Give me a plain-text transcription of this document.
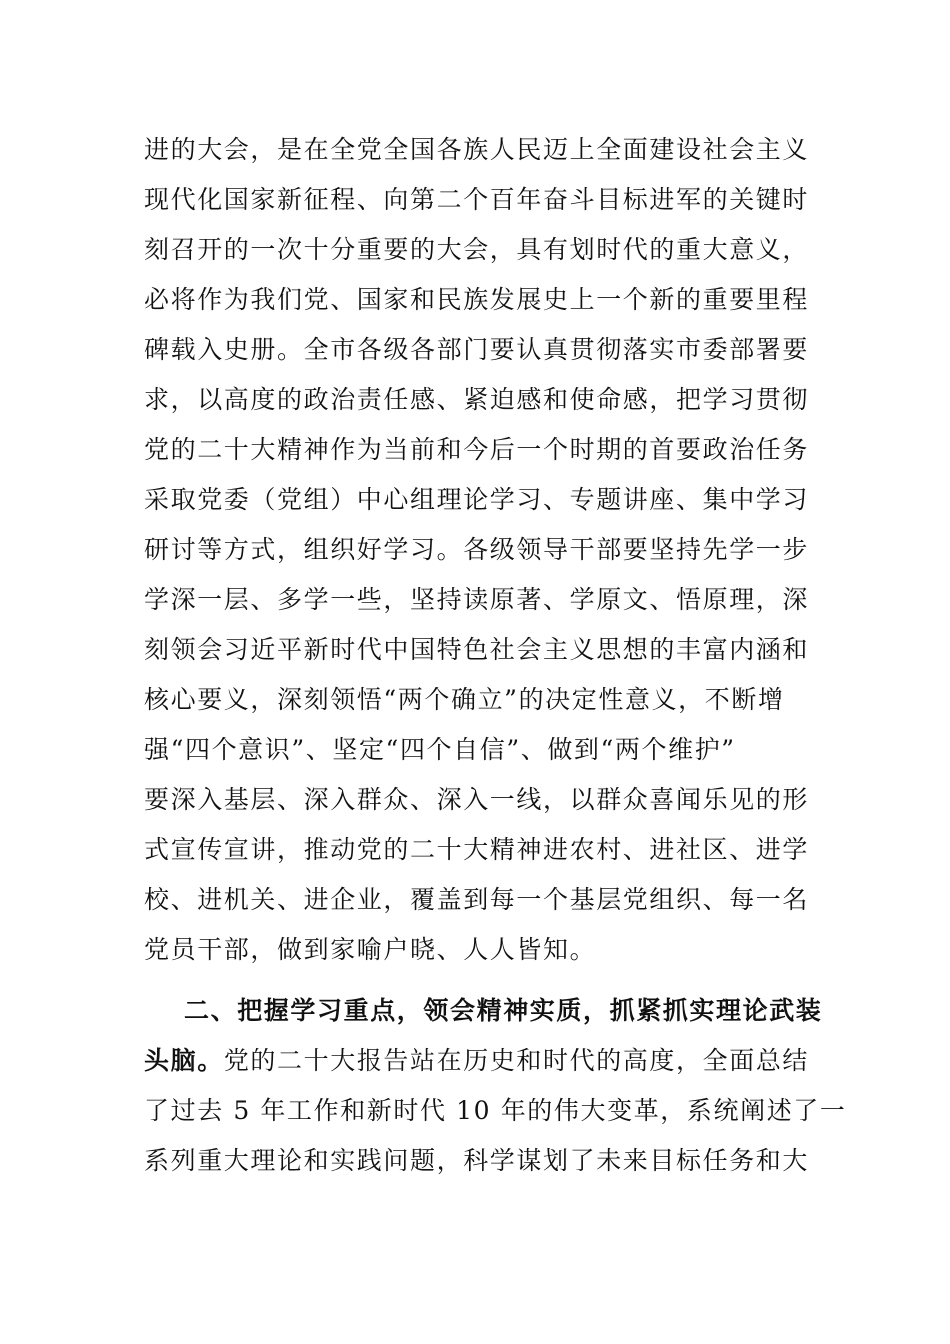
进的大会，是在全党全国各族人民迈上全面建设社会主义
现代化国家新征程、向第二个百年奋斗目标进军的关键时
刻召开的一次十分重要的大会，具有划时代的重大意义，
必将作为我们党、国家和民族发展史上一个新的重要里程
碑载入史册。全市各级各部门要认真贯彻落实市委部署要
求，以高度的政治责任感、紧迫感和使命感，把学习贯彻
党的二十大精神作为当前和今后一个时期的首要政治任务
采取党委（党组）中心组理论学习、专题讲座、集中学习
研讨等方式，组织好学习。各级领导干部要坚持先学一步
学深一层、多学一些，坚持读原著、学原文、悟原理，深
刻领会习近平新时代中国特色社会主义思想的丰富内涵和
核心要义，深刻领悟“两个确立”的决定性意义，不断增
强“四个意识”、坚定“四个自信”、做到“两个维护”
要深入基层、深入群众、深入一线，以群众喜闻乐见的形
式宣传宣讲，推动党的二十大精神进农村、进社区、进学
校、进机关、进企业，覆盖到每一个基层党组织、每一名
党员干部，做到家喻户晓、人人皆知。
二、把握学习重点，领会精神实质，抓紧抓实理论武装
头脑。党的二十大报告站在历史和时代的高度，全面总结
了过去 5 年工作和新时代 10 年的伟大变革，系统阐述了一
系列重大理论和实践问题，科学谋划了未来目标任务和大
